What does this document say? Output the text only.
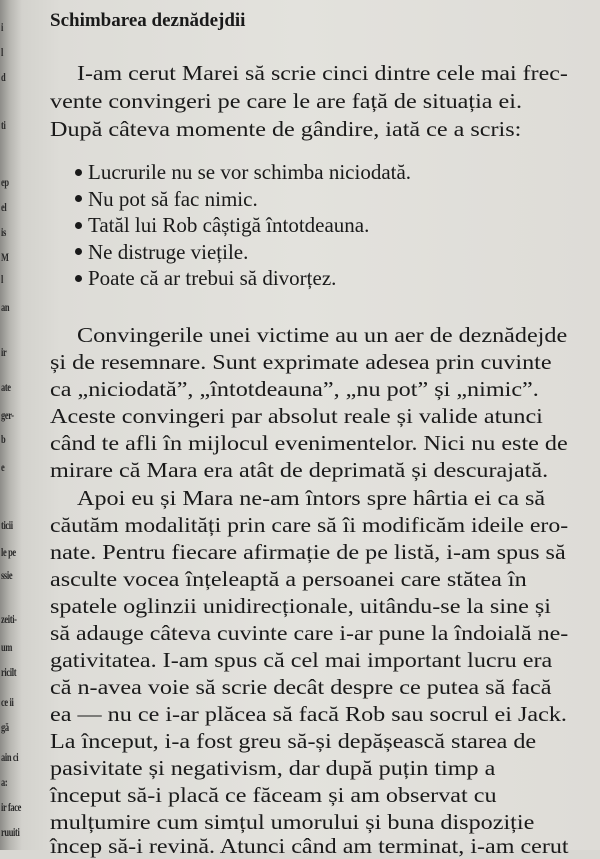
i
l
d
ti
ep
el
is
M
l
an
ir
ate
ger-
b
e
ticii
le pe
ssie
zeiti-
um
ricilt
ce ii
gă
ain ci
a:
ir face
ruuiti
Schimbarea deznădejdii
I-am cerut Marei să scrie cinci dintre cele mai frec-
vente convingeri pe care le are față de situația ei.
După câteva momente de gândire, iată ce a scris:
Lucrurile nu se vor schimba niciodată.
Nu pot să fac nimic.
Tatăl lui Rob câștigă întotdeauna.
Ne distruge viețile.
Poate că ar trebui să divorțez.
Convingerile unei victime au un aer de deznădejde
și de resemnare. Sunt exprimate adesea prin cuvinte
ca „niciodată”, „întotdeauna”, „nu pot” și „nimic”.
Aceste convingeri par absolut reale și valide atunci
când te afli în mijlocul evenimentelor. Nici nu este de
mirare că Mara era atât de deprimată și descurajată.
Apoi eu și Mara ne-am întors spre hârtia ei ca să
căutăm modalități prin care să îi modificăm ideile ero-
nate. Pentru fiecare afirmație de pe listă, i-am spus să
asculte vocea înțeleaptă a persoanei care stătea în
spatele oglinzii unidirecționale, uitându-se la sine și
să adauge câteva cuvinte care i-ar pune la îndoială ne-
gativitatea. I-am spus că cel mai important lucru era
că n-avea voie să scrie decât despre ce putea să facă
ea — nu ce i-ar plăcea să facă Rob sau socrul ei Jack.
La început, i-a fost greu să-și depășească starea de
pasivitate și negativism, dar după puțin timp a
început să-i placă ce făceam și am observat cu
mulțumire cum simțul umorului și buna dispoziție
încep să-i revină. Atunci când am terminat, i-am cerut
